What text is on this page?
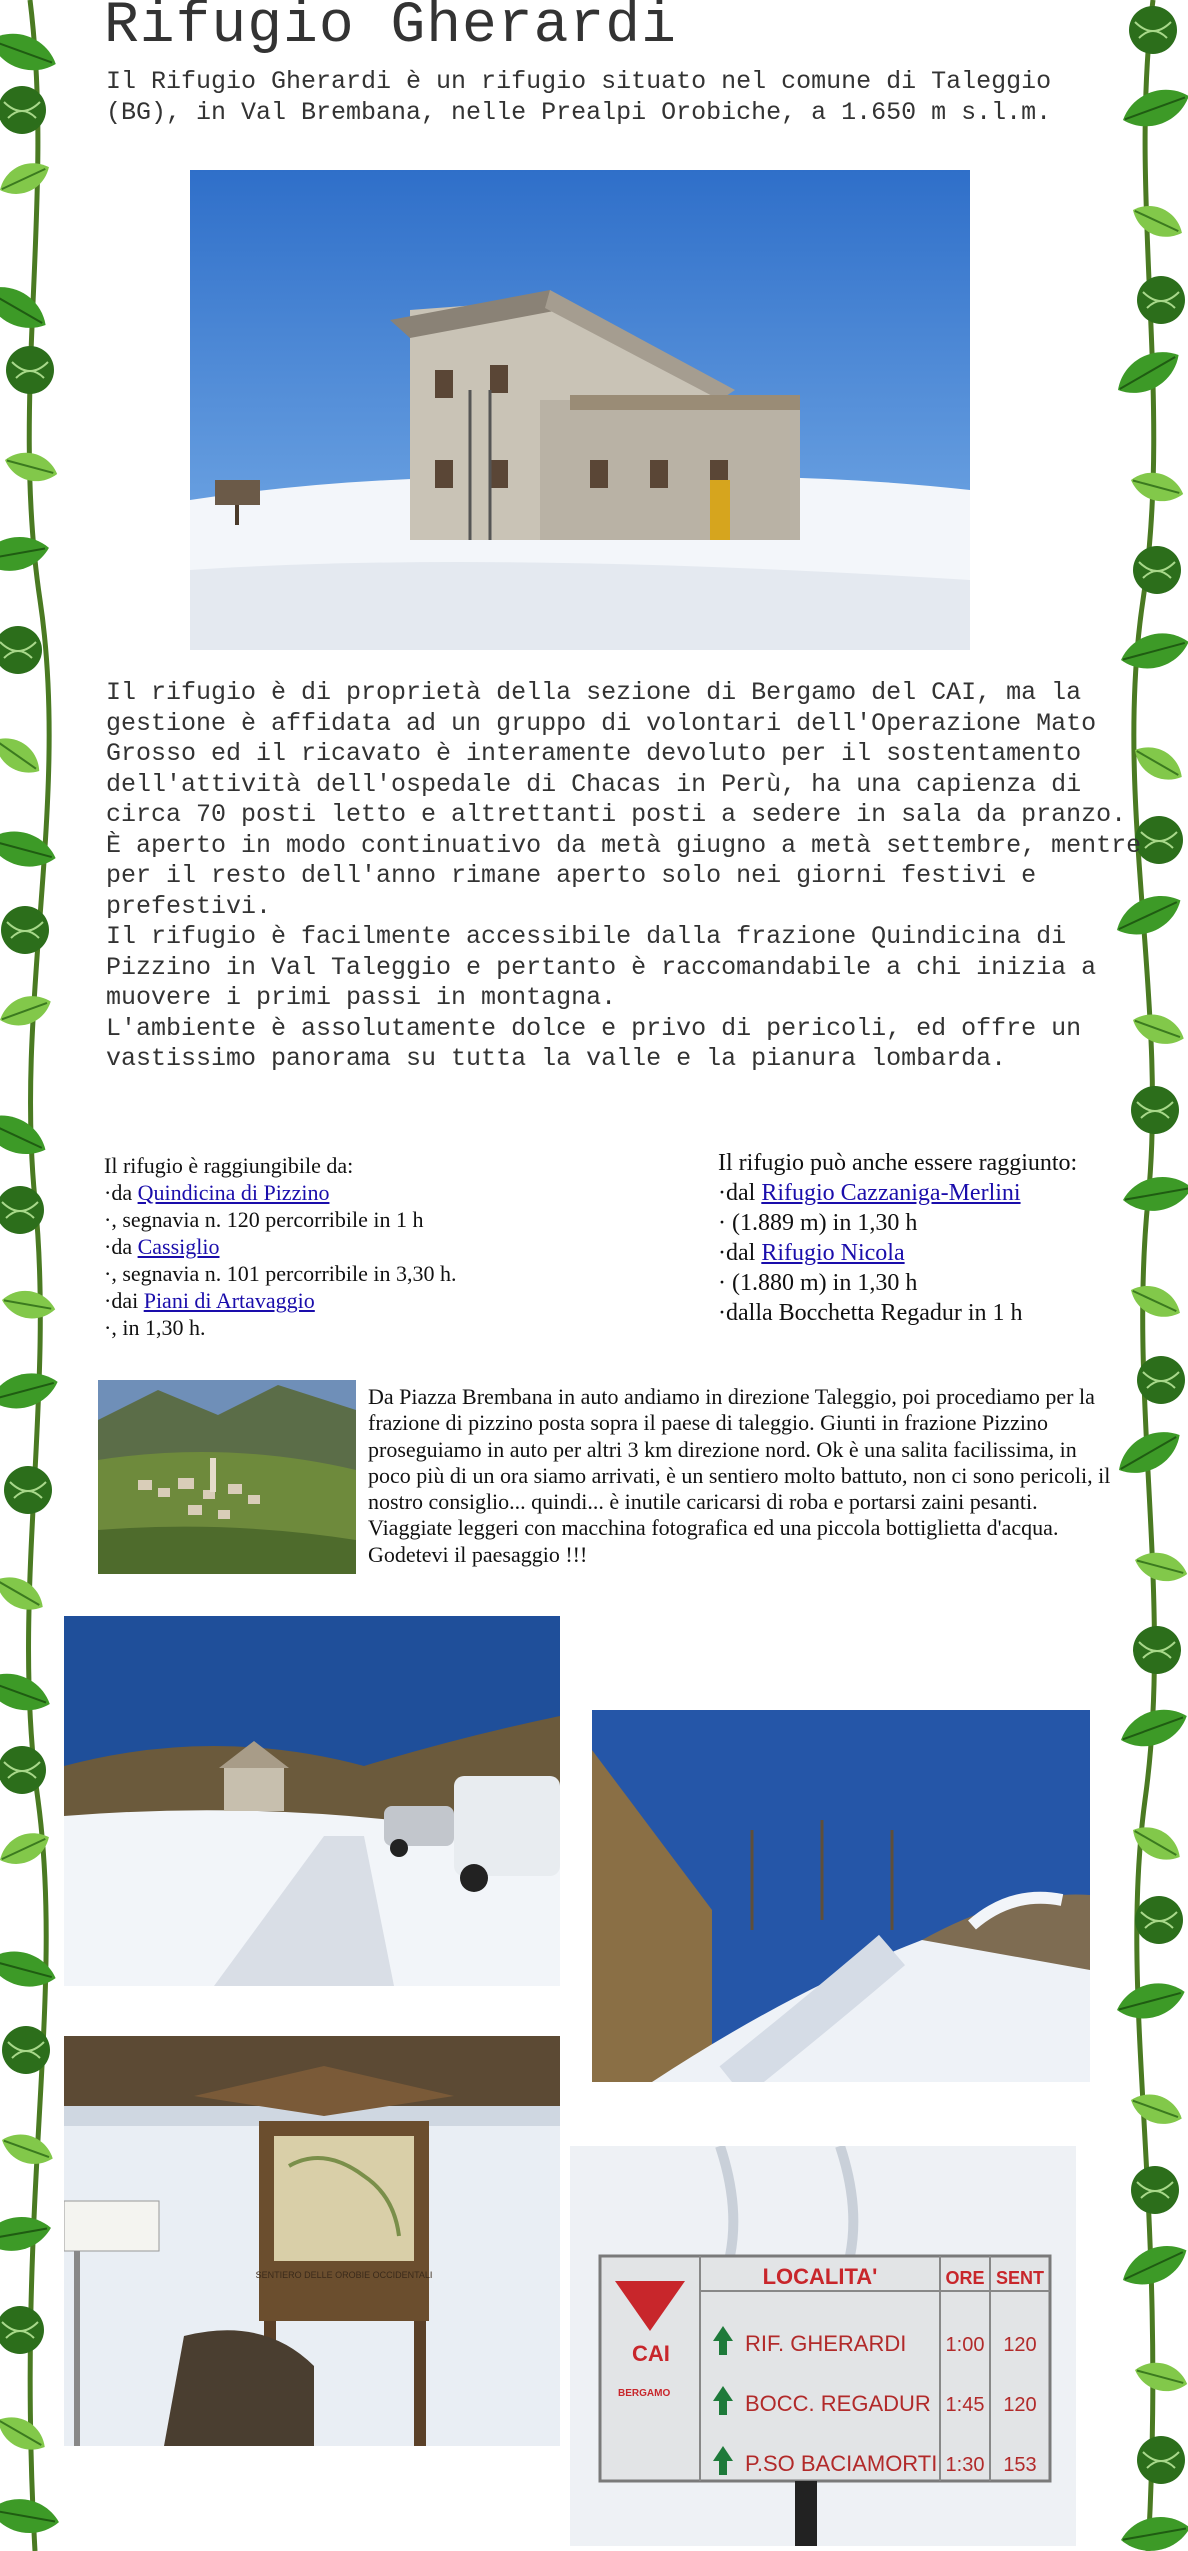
Rifugio Gherardi

Il Rifugio Gherardi è un rifugio situato nel comune di Taleggio (BG), in Val Brembana, nelle Prealpi Orobiche, a 1.650 m s.l.m.

Il rifugio è di proprietà della sezione di Bergamo del CAI, ma la gestione è affidata ad un gruppo di volontari dell'Operazione Mato Grosso ed il ricavato è interamente devoluto per il sostentamento dell'attività dell'ospedale di Chacas in Perù, ha una capienza di circa 70 posti letto e altrettanti posti a sedere in sala da pranzo.

È aperto in modo continuativo da metà giugno a metà settembre, mentre per il resto dell'anno rimane aperto solo nei giorni festivi e prefestivi.

Il rifugio è facilmente accessibile dalla frazione Quindicina di Pizzino in Val Taleggio e pertanto è raccomandabile a chi inizia a muovere i primi passi in montagna.

L'ambiente è assolutamente dolce e privo di pericoli, ed offre un vastissimo panorama su tutta la valle e la pianura lombarda.

Il rifugio è raggiungibile da:
·da Quindicina di Pizzino
·, segnavia n. 120 percorribile in 1 h
·da Cassiglio
·, segnavia n. 101 percorribile in 3,30 h.
·dai Piani di Artavaggio
·, in 1,30 h.
Il rifugio può anche essere raggiunto:
·dal Rifugio Cazzaniga-Merlini
· (1.889 m) in 1,30 h
·dal Rifugio Nicola
· (1.880 m) in 1,30 h
·dalla Bocchetta Regadur in 1 h

Da Piazza Brembana in auto andiamo in direzione Taleggio, poi procediamo per la frazione di pizzino posta sopra il paese di taleggio. Giunti in frazione Pizzino proseguiamo in auto per altri 3 km direzione nord. Ok è una salita facilissima, in poco più di un ora siamo arrivati, è un sentiero molto battuto, non ci sono pericoli, il nostro consiglio... quindi... è inutile caricarsi di roba e portarsi zaini pesanti. Viaggiate leggeri con macchina fotografica ed una piccola bottiglietta d'acqua. Godetevi il paesaggio !!!

SENTIERO DELLE OROBIE OCCIDENTALI
CAI
BERGAMO
LOCALITA'	ORE SENT
RIF. GHERARDI 1:00 120
BOCC. REGADUR 1:45 120
P.SO BACIAMORTI 1:30 153
